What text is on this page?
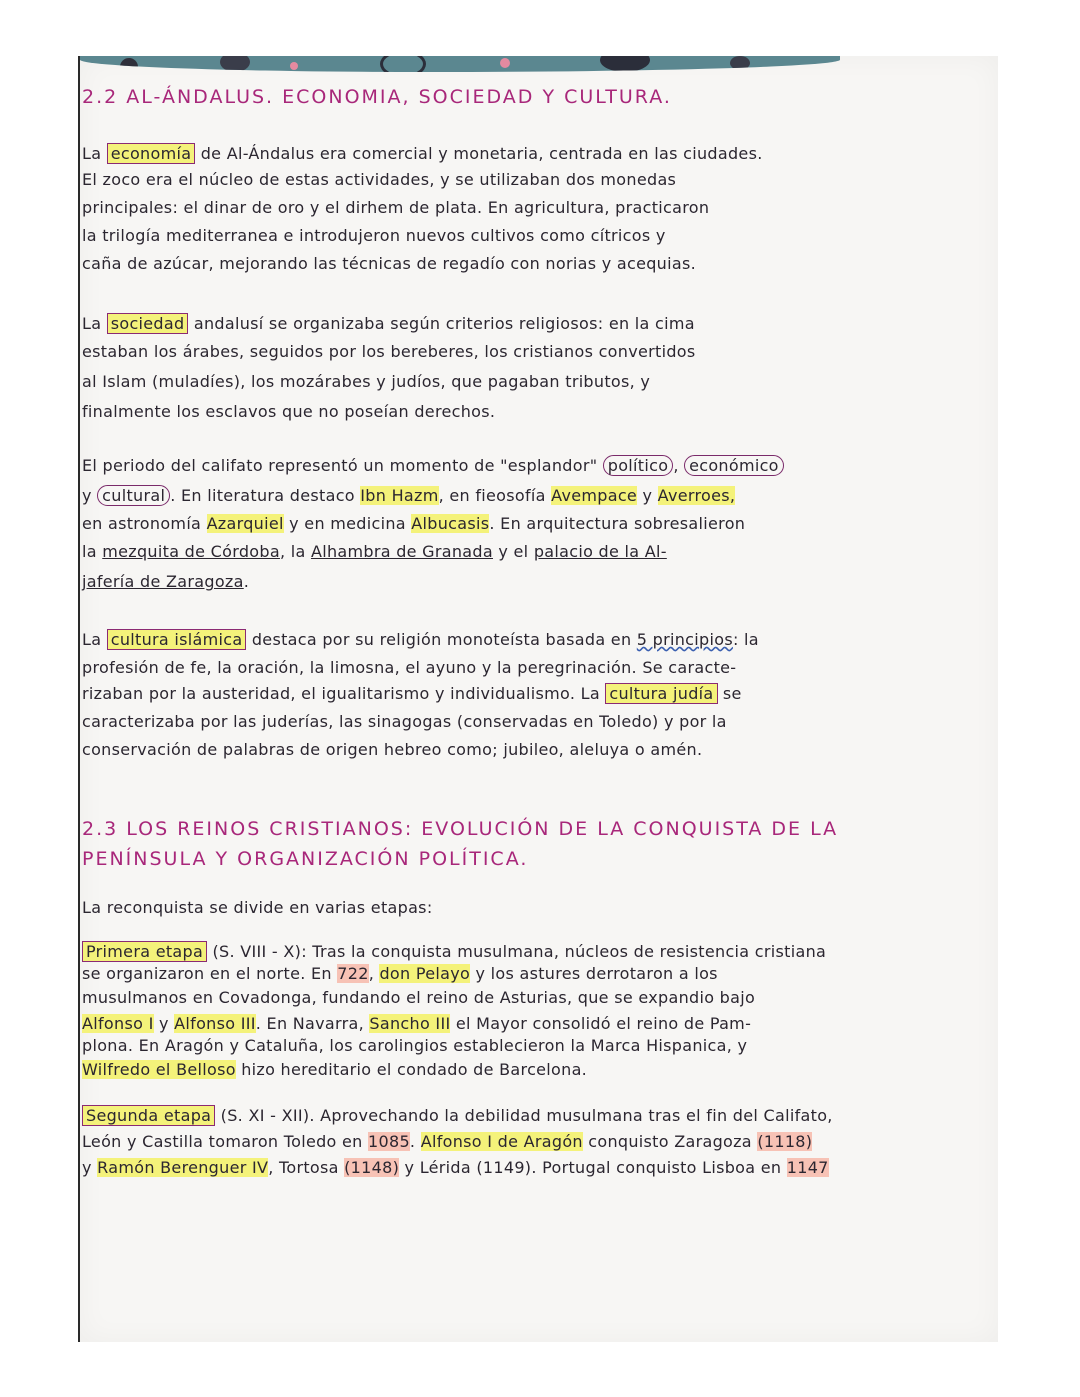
2.2 AL-ÁNDALUS. ECONOMIA, SOCIEDAD Y CULTURA.
La economía de Al-Ándalus era comercial y monetaria, centrada en las ciudades.
El zoco era el núcleo de estas actividades, y se utilizaban dos monedas
principales: el dinar de oro y el dirhem de plata. En agricultura, practicaron
la trilogía mediterranea e introdujeron nuevos cultivos como cítricos y
caña de azúcar, mejorando las técnicas de regadío con norias y acequias.
La sociedad andalusí se organizaba según criterios religiosos: en la cima
estaban los árabes, seguidos por los bereberes, los cristianos convertidos
al Islam (muladíes), los mozárabes y judíos, que pagaban tributos, y
finalmente los esclavos que no poseían derechos.
El periodo del califato representó un momento de "esplandor" político , económico
y cultural . En literatura destaco Ibn Hazm, en fieosofía Avempace y Averroes,
en astronomía Azarquiel y en medicina Albucasis. En arquitectura sobresalieron
la mezquita de Córdoba, la Alhambra de Granada y el palacio de la Al-
jafería de Zaragoza.
La cultura islámica destaca por su religión monoteísta basada en 5 principios: la
profesión de fe, la oración, la limosna, el ayuno y la peregrinación. Se caracte-
rizaban por la austeridad, el igualitarismo y individualismo. La cultura judía se
caracterizaba por las juderías, las sinagogas (conservadas en Toledo) y por la
conservación de palabras de origen hebreo como; jubileo, aleluya o amén.
2.3 LOS REINOS CRISTIANOS: EVOLUCIÓN DE LA CONQUISTA DE LA
PENÍNSULA Y ORGANIZACIÓN POLÍTICA.
La reconquista se divide en varias etapas:
Primera etapa (S. VIII - X): Tras la conquista musulmana, núcleos de resistencia cristiana
se organizaron en el norte. En 722, don Pelayo y los astures derrotaron a los
musulmanos en Covadonga, fundando el reino de Asturias, que se expandio bajo
Alfonso I y Alfonso III. En Navarra, Sancho III el Mayor consolidó el reino de Pam-
plona. En Aragón y Cataluña, los carolingios establecieron la Marca Hispanica, y
Wilfredo el Belloso hizo hereditario el condado de Barcelona.
Segunda etapa (S. XI - XII). Aprovechando la debilidad musulmana tras el fin del Califato,
León y Castilla tomaron Toledo en 1085. Alfonso I de Aragón conquisto Zaragoza (1118)
y Ramón Berenguer IV, Tortosa (1148) y Lérida (1149). Portugal conquisto Lisboa en 1147
